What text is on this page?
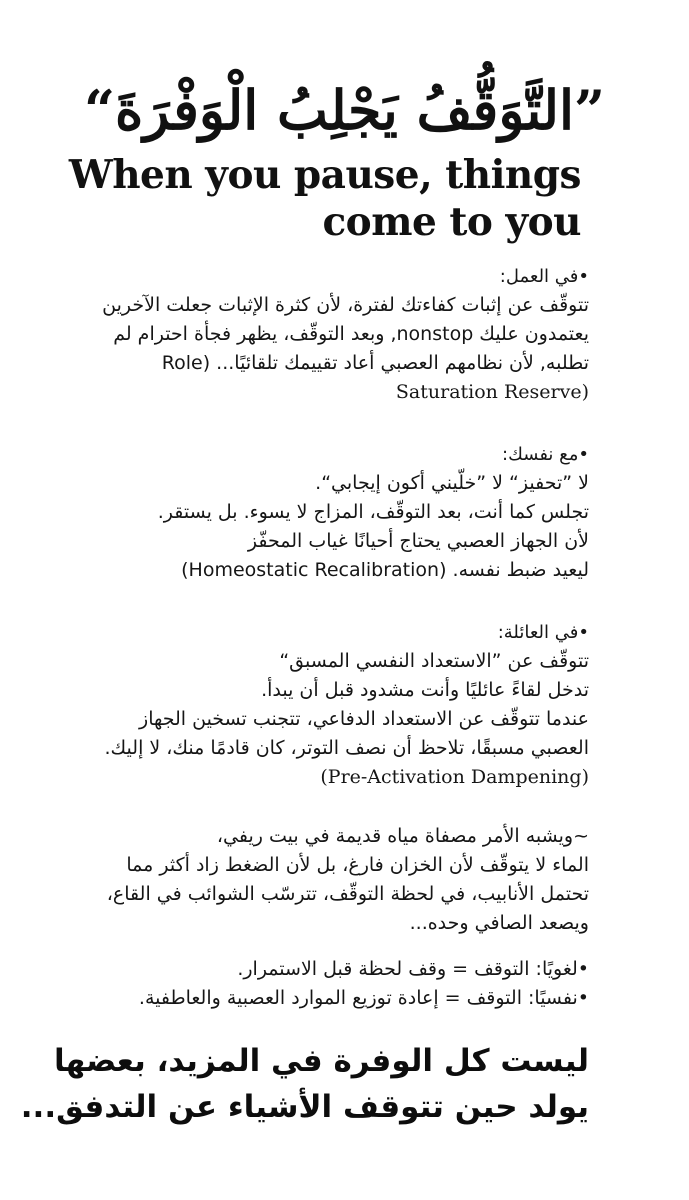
”التَّوَقُّفُ يَجْلِبُ الْوَفْرَةَ“
When you pause, things
come to you
•في العمل:
تتوقّف عن إثبات كفاءتك لفترة، لأن كثرة الإثبات جعلت الآخرين
يعتمدون عليك nonstop, وبعد التوقّف، يظهر فجأة احترام لم
تطلبه, لأن نظامهم العصبي أعاد تقييمك تلقائيًا... (Role
(Saturation Reserve
•مع نفسك:
لا ”تحفيز“ لا ”خلّيني أكون إيجابي“.
تجلس كما أنت، بعد التوقّف، المزاج لا يسوء. بل يستقر.
لأن الجهاز العصبي يحتاج أحيانًا غياب المحفّز
ليعيد ضبط نفسه. (Homeostatic Recalibration)
•في العائلة:
تتوقّف عن ”الاستعداد النفسي المسبق“
تدخل لقاءً عائليًا وأنت مشدود قبل أن يبدأ.
عندما تتوقّف عن الاستعداد الدفاعي، تتجنب تسخين الجهاز
العصبي مسبقًا، تلاحظ أن نصف التوتر، كان قادمًا منك، لا إليك.
(Pre-Activation Dampening)
~ويشبه الأمر مصفاة مياه قديمة في بيت ريفي،
الماء لا يتوقّف لأن الخزان فارغ، بل لأن الضغط زاد أكثر مما
تحتمل الأنابيب، في لحظة التوقّف، تترسّب الشوائب في القاع،
ويصعد الصافي وحده...
•لغويًا: التوقف = وقف لحظة قبل الاستمرار.
•نفسيًا: التوقف = إعادة توزيع الموارد العصبية والعاطفية.
ليست كل الوفرة في المزيد، بعضها
يولد حين تتوقف الأشياء عن التدفق...
